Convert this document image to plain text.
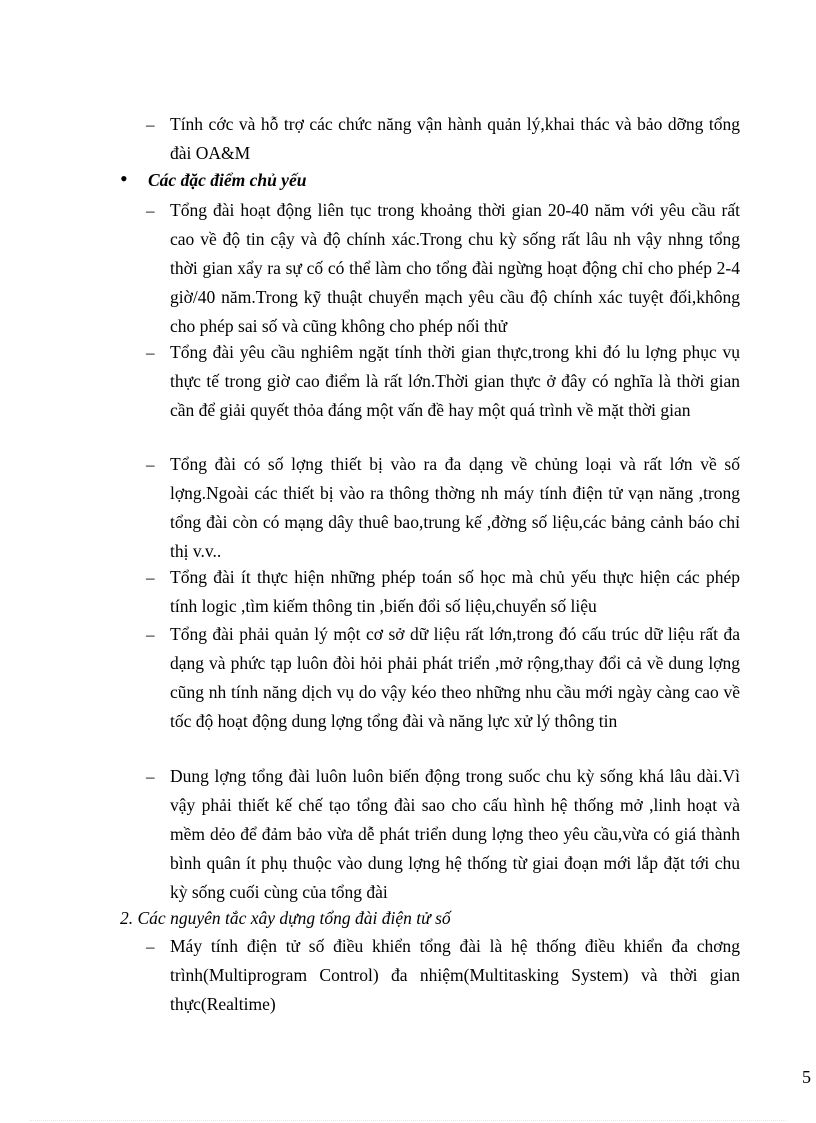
– Tính cớc và hỗ trợ các chức năng vận hành quản lý,khai thác và bảo dỡng tổng đài OA&M
• Các đặc điểm chủ yếu
– Tổng đài hoạt động liên tục trong khoảng thời gian 20-40 năm với yêu cầu rất cao về độ tin cậy và độ chính xác.Trong chu kỳ sống rất lâu nh vậy nhng tổng thời gian xẩy ra sự cố có thể làm cho tổng đài ngừng hoạt động chỉ cho phép 2-4 giờ/40 năm.Trong kỹ thuật chuyển mạch yêu cầu độ chính xác tuyệt đối,không cho phép sai số và cũng không cho phép nối thử
– Tổng đài yêu cầu nghiêm ngặt tính thời gian thực,trong khi đó lu lợng phục vụ thực tế trong giờ cao điểm là rất lớn.Thời gian thực ở đây có nghĩa là thời gian cần để giải quyết thỏa đáng một vấn đề hay một quá trình về mặt thời gian
– Tổng đài có số lợng thiết bị vào ra đa dạng về chủng loại và rất lớn về số lợng.Ngoài các thiết bị vào ra thông thờng nh máy tính điện tử vạn năng ,trong tổng đài còn có mạng dây thuê bao,trung kế ,đờng số liệu,các bảng cảnh báo chỉ thị v.v..
– Tổng đài ít thực hiện những phép toán số học mà chủ yếu thực hiện các phép tính logic ,tìm kiếm thông tin ,biến đổi số liệu,chuyển số liệu
– Tổng đài phải quản lý một cơ sở dữ liệu rất lớn,trong đó cấu trúc dữ liệu rất đa dạng và phức tạp luôn đòi hỏi phải phát triển ,mở rộng,thay đổi cả về dung lợng cũng nh tính năng dịch vụ do vậy kéo theo những nhu cầu mới ngày càng cao về tốc độ hoạt động dung lợng tổng đài và năng lực xử lý thông tin
– Dung lợng tổng đài luôn luôn biến động trong suốc chu kỳ sống khá lâu dài.Vì vậy phải thiết kế chế tạo tổng đài sao cho cấu hình hệ thống mở ,linh hoạt và mềm dẻo để đảm bảo vừa dễ phát triển dung lợng theo yêu cầu,vừa có giá thành bình quân ít phụ thuộc vào dung lợng hệ thống từ giai đoạn mới lắp đặt tới chu kỳ sống cuối cùng của tổng đài
2. Các nguyên tắc xây dựng tổng đài điện tử số
– Máy tính điện tử số điều khiển tổng đài là hệ thống điều khiển đa chơng trình(Multiprogram Control) đa nhiệm(Multitasking System) và thời gian thực(Realtime)
5
